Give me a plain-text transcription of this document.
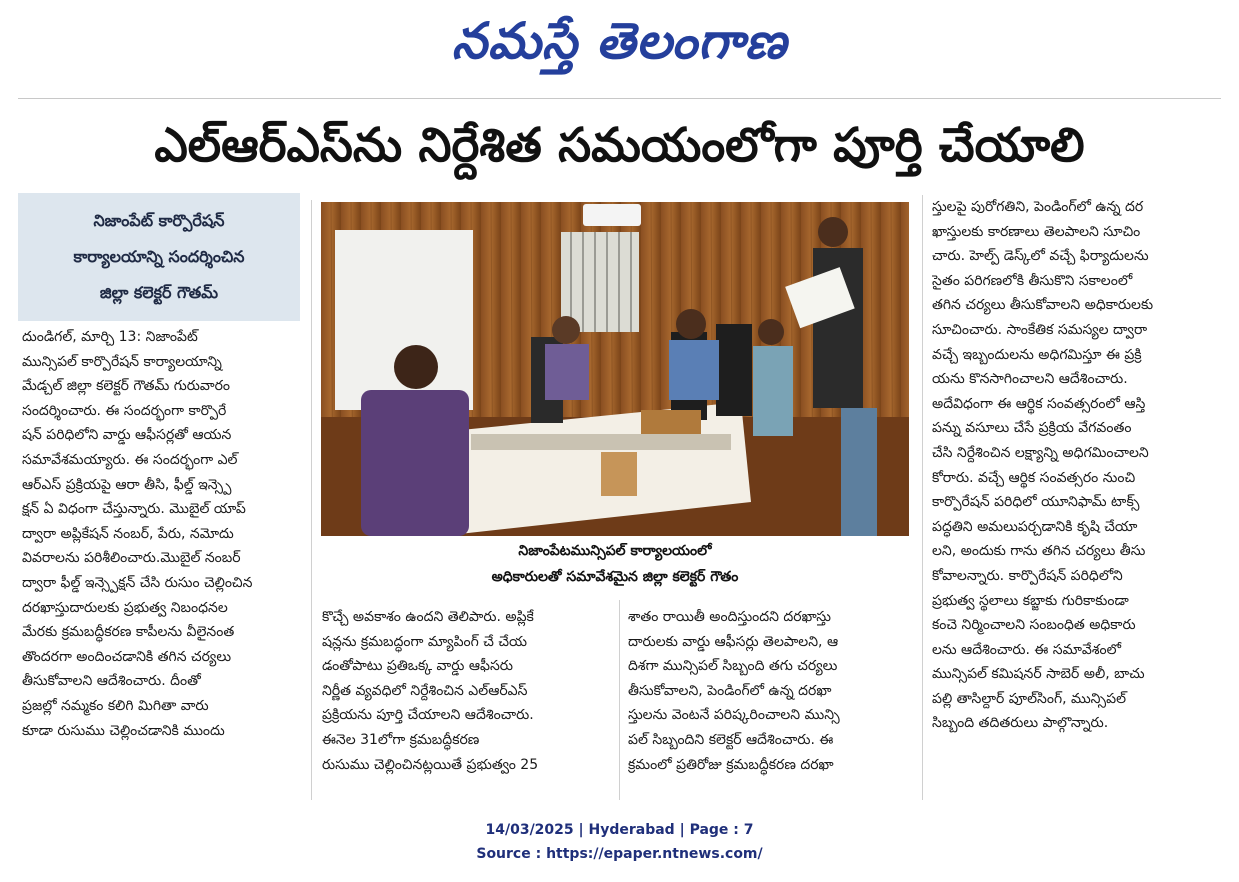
నమస్తే తెలంగాణ
ఎల్‌ఆర్‌ఎస్‌ను నిర్దేశిత సమయంలోగా పూర్తి చేయాలి
నిజాంపేట్‌ కార్పొరేషన్‌
కార్యాలయాన్ని సందర్శించిన
జిల్లా కలెక్టర్‌ గౌతమ్‌
దుండిగల్‌, మార్చి 13: నిజాంపేట్‌
మున్సిపల్‌ కార్పొరేషన్‌ కార్యాలయాన్ని
మేడ్చల్‌ జిల్లా కలెక్టర్‌ గౌతమ్‌ గురువారం
సందర్శించారు. ఈ సందర్భంగా కార్పొరే
షన్‌ పరిధిలోని వార్డు ఆఫీసర్లతో ఆయన
సమావేశమయ్యారు. ఈ సందర్భంగా ఎల్‌
ఆర్‌ఎస్‌ ప్రక్రియపై ఆరా తీసి, ఫీల్డ్‌ ఇన్స్పె
క్షన్‌ ఏ విధంగా చేస్తున్నారు. మొబైల్‌ యాప్‌
ద్వారా అప్లికేషన్‌ నంబర్‌, పేరు, నమోదు
వివరాలను పరిశీలించారు.మొబైల్‌ నంబర్‌
ద్వారా ఫీల్డ్‌ ఇన్స్పెక్షన్‌ చేసి రుసుం చెల్లించిన
దరఖాస్తుదారులకు ప్రభుత్వ నిబంధనల
మేరకు క్రమబద్ధీకరణ కాపీలను వీలైనంత
తొందరగా అందించడానికి తగిన చర్యలు
తీసుకోవాలని ఆదేశించారు. దీంతో
ప్రజల్లో నమ్మకం కలిగి మిగితా వారు
కూడా రుసుము చెల్లించడానికి ముందు
నిజాంపేటమున్సిపల్‌ కార్యాలయంలో
అధికారులతో సమావేశమైన జిల్లా కలెక్టర్‌ గౌతం
కొచ్చే అవకాశం ఉందని తెలిపారు. అప్లికే
షన్లను క్రమబద్ధంగా మ్యాపింగ్‌ చే చేయ
డంతోపాటు ప్రతిఒక్క వార్డు ఆఫీసరు
నిర్ణీత వ్యవధిలో నిర్దేశించిన ఎల్‌ఆర్‌ఎస్‌
ప్రక్రియను పూర్తి చేయాలని ఆదేశించారు.
ఈనెల 31లోగా క్రమబద్ధీకరణ
రుసుము చెల్లించినట్లయితే ప్రభుత్వం 25
శాతం రాయితీ అందిస్తుందని దరఖాస్తు
దారులకు వార్డు ఆఫీసర్లు తెలపాలని, ఆ
దిశగా మున్సిపల్‌ సిబ్బంది తగు చర్యలు
తీసుకోవాలని, పెండింగ్‌లో ఉన్న దరఖా
స్తులను వెంటనే పరిష్కరించాలని మున్సి
పల్‌ సిబ్బందిని కలెక్టర్‌ ఆదేశించారు. ఈ
క్రమంలో ప్రతిరోజు క్రమబద్ధీకరణ దరఖా
స్తులపై పురోగతిని, పెండింగ్‌లో ఉన్న దర
ఖాస్తులకు కారణాలు తెలపాలని సూచిం
చారు. హెల్ప్‌ డెస్క్‌లో వచ్చే ఫిర్యాదులను
సైతం పరిగణలోకి తీసుకొని సకాలంలో
తగిన చర్యలు తీసుకోవాలని అధికారులకు
సూచించారు. సాంకేతిక సమస్యల ద్వారా
వచ్చే ఇబ్బందులను అధిగమిస్తూ ఈ ప్రక్రి
యను కొనసాగించాలని ఆదేశించారు.
అదేవిధంగా ఈ ఆర్థిక సంవత్సరంలో ఆస్తి
పన్ను వసూలు చేసే ప్రక్రియ వేగవంతం
చేసి నిర్దేశించిన లక్ష్యాన్ని అధిగమించాలని
కోరారు. వచ్చే ఆర్థిక సంవత్సరం నుంచి
కార్పొరేషన్‌ పరిధిలో యూనిఫామ్‌ టాక్స్‌
పద్ధతిని అమలుపర్చడానికి కృషి చేయా
లని, అందుకు గాను తగిన చర్యలు తీసు
కోవాలన్నారు. కార్పొరేషన్‌ పరిధిలోని
ప్రభుత్వ స్థలాలు కబ్జాకు గురికాకుండా
కంచె నిర్మించాలని సంబంధిత అధికారు
లను ఆదేశించారు. ఈ సమావేశంలో
మున్సిపల్‌ కమిషనర్‌ సాబెర్‌ అలీ, బాచు
పల్లి తాసిల్దార్‌ పూల్‌సింగ్‌, మున్సిపల్‌
సిబ్బంది తదితరులు పాల్గొన్నారు.
14/03/2025 | Hyderabad | Page : 7
Source : https://epaper.ntnews.com/
